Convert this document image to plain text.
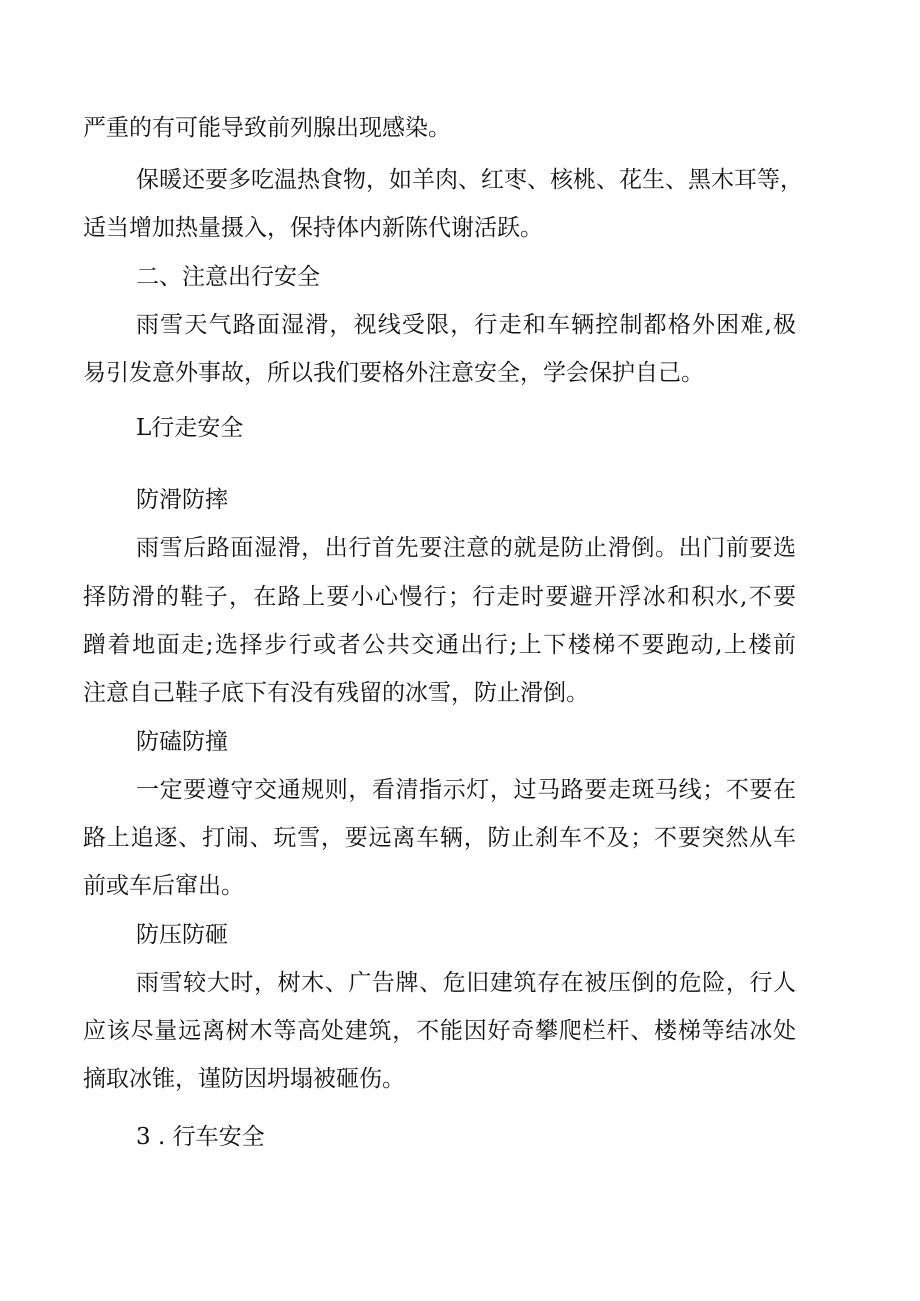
严重的有可能导致前列腺出现感染。
保暖还要多吃温热食物，如羊肉、红枣、核桃、花生、黑木耳等，
适当增加热量摄入，保持体内新陈代谢活跃。
二、注意出行安全
雨雪天气路面湿滑，视线受限，行走和车辆控制都格外困难,极
易引发意外事故，所以我们要格外注意安全，学会保护自己。
L行走安全
防滑防摔
雨雪后路面湿滑，出行首先要注意的就是防止滑倒。出门前要选
择防滑的鞋子，在路上要小心慢行；行走时要避开浮冰和积水,不要
蹭着地面走;选择步行或者公共交通出行;上下楼梯不要跑动,上楼前
注意自己鞋子底下有没有残留的冰雪，防止滑倒。
防磕防撞
一定要遵守交通规则，看清指示灯，过马路要走斑马线；不要在
路上追逐、打闹、玩雪，要远离车辆，防止刹车不及；不要突然从车
前或车后窜出。
防压防砸
雨雪较大时，树木、广告牌、危旧建筑存在被压倒的危险，行人
应该尽量远离树木等高处建筑，不能因好奇攀爬栏杆、楼梯等结冰处
摘取冰锥，谨防因坍塌被砸伤。
3 . 行车安全
